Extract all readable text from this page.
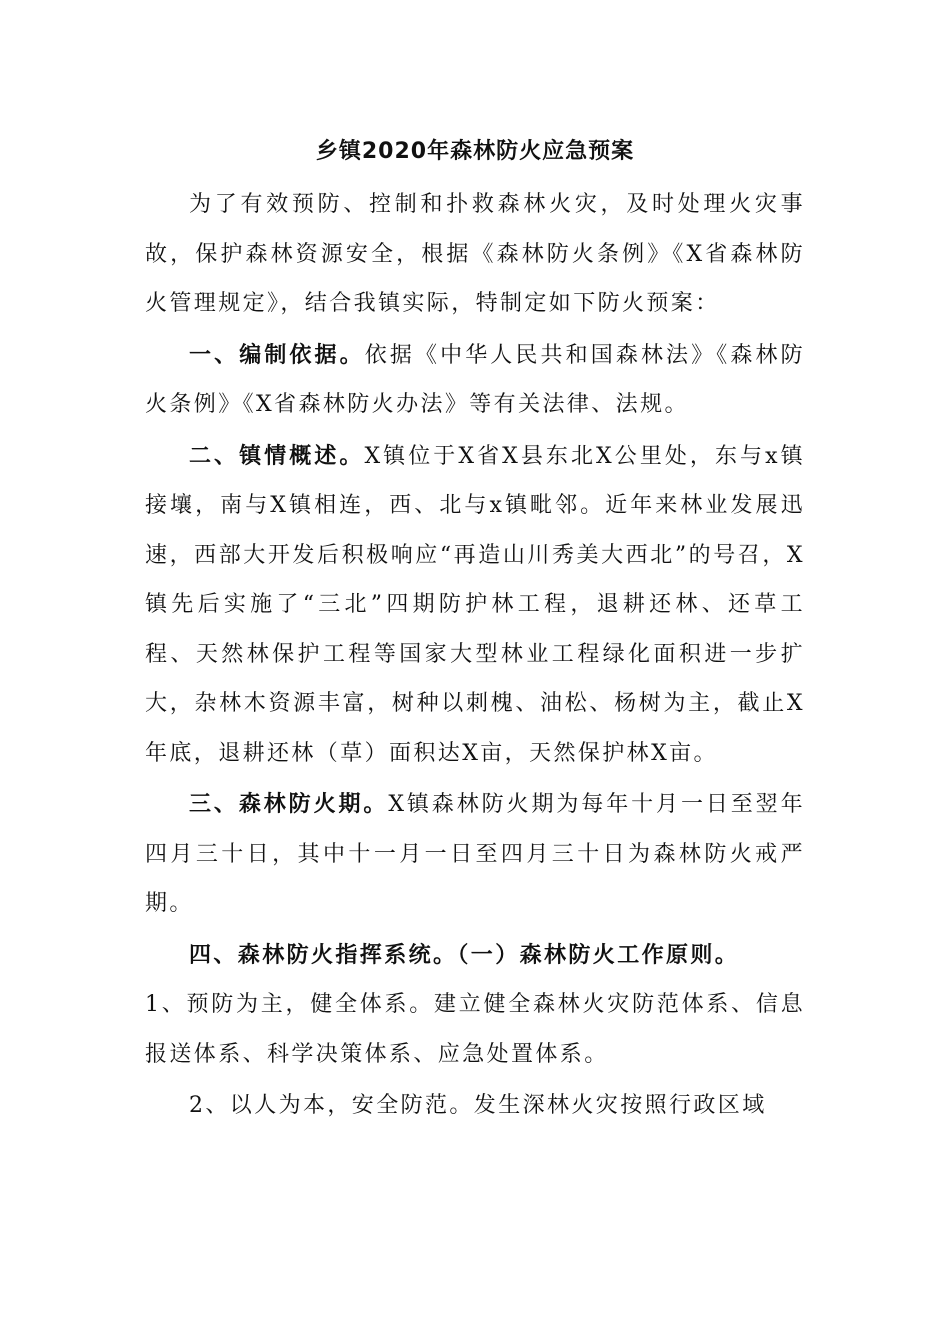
乡镇2020年森林防火应急预案

为了有效预防、控制和扑救森林火灾，及时处理火灾事故，保护森林资源安全，根据《森林防火条例》《X省森林防火管理规定》，结合我镇实际，特制定如下防火预案：

一、编制依据。依据《中华人民共和国森林法》《森林防火条例》《X省森林防火办法》等有关法律、法规。

二、镇情概述。X镇位于X省X县东北X公里处，东与x镇接壤，南与X镇相连，西、北与x镇毗邻。近年来林业发展迅速，西部大开发后积极响应“再造山川秀美大西北”的号召，X镇先后实施了“三北”四期防护林工程，退耕还林、还草工程、天然林保护工程等国家大型林业工程绿化面积进一步扩大，杂林木资源丰富，树种以刺槐、油松、杨树为主，截止X年底，退耕还林（草）面积达X亩，天然保护林X亩。

三、森林防火期。X镇森林防火期为每年十月一日至翌年四月三十日，其中十一月一日至四月三十日为森林防火戒严期。

四、森林防火指挥系统。（一）森林防火工作原则。

1、预防为主，健全体系。建立健全森林火灾防范体系、信息报送体系、科学决策体系、应急处置体系。

2、以人为本，安全防范。发生深林火灾按照行政区域
